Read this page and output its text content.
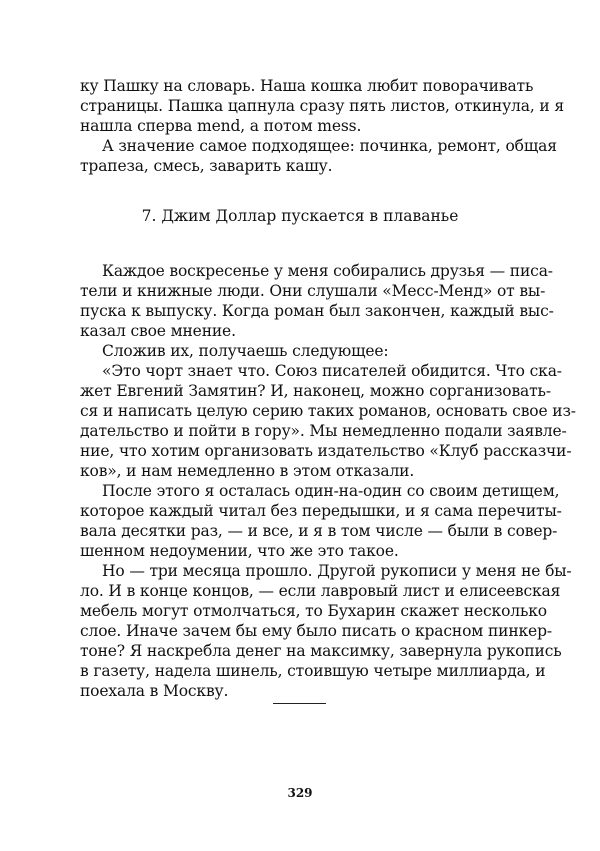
ку Пашку на словарь. Наша кошка любит поворачивать
страницы. Пашка цапнула сразу пять листов, откинула, и я
нашла сперва mend, а потом mess.
А значение самое подходящее: починка, ремонт, общая
трапеза, смесь, заварить кашу.
7. Джим Доллар пускается в плаванье
Каждое воскресенье у меня собирались друзья — писа-
тели и книжные люди. Они слушали «Месс-Менд» от вы-
пуска к выпуску. Когда роман был закончен, каждый выс-
казал свое мнение.
Сложив их, получаешь следующее:
«Это чорт знает что. Союз писателей обидится. Что ска-
жет Евгений Замятин? И, наконец, можно сорганизовать-
ся и написать целую серию таких романов, основать свое из-
дательство и пойти в гору». Мы немедленно подали заявле-
ние, что хотим организовать издательство «Клуб рассказчи-
ков», и нам немедленно в этом отказали.
После этого я осталась один-на-один со своим детищем,
которое каждый читал без передышки, и я сама перечиты-
вала десятки раз, — и все, и я в том числе — были в совер-
шенном недоумении, что же это такое.
Но — три месяца прошло. Другой рукописи у меня не бы-
ло. И в конце концов, — если лавровый лист и елисеевская
мебель могут отмолчаться, то Бухарин скажет несколько
слое. Иначе зачем бы ему было писать о красном пинкер-
тоне? Я наскребла денег на максимку, завернула рукопись
в газету, надела шинель, стоившую четыре миллиарда, и
поехала в Москву.
329
